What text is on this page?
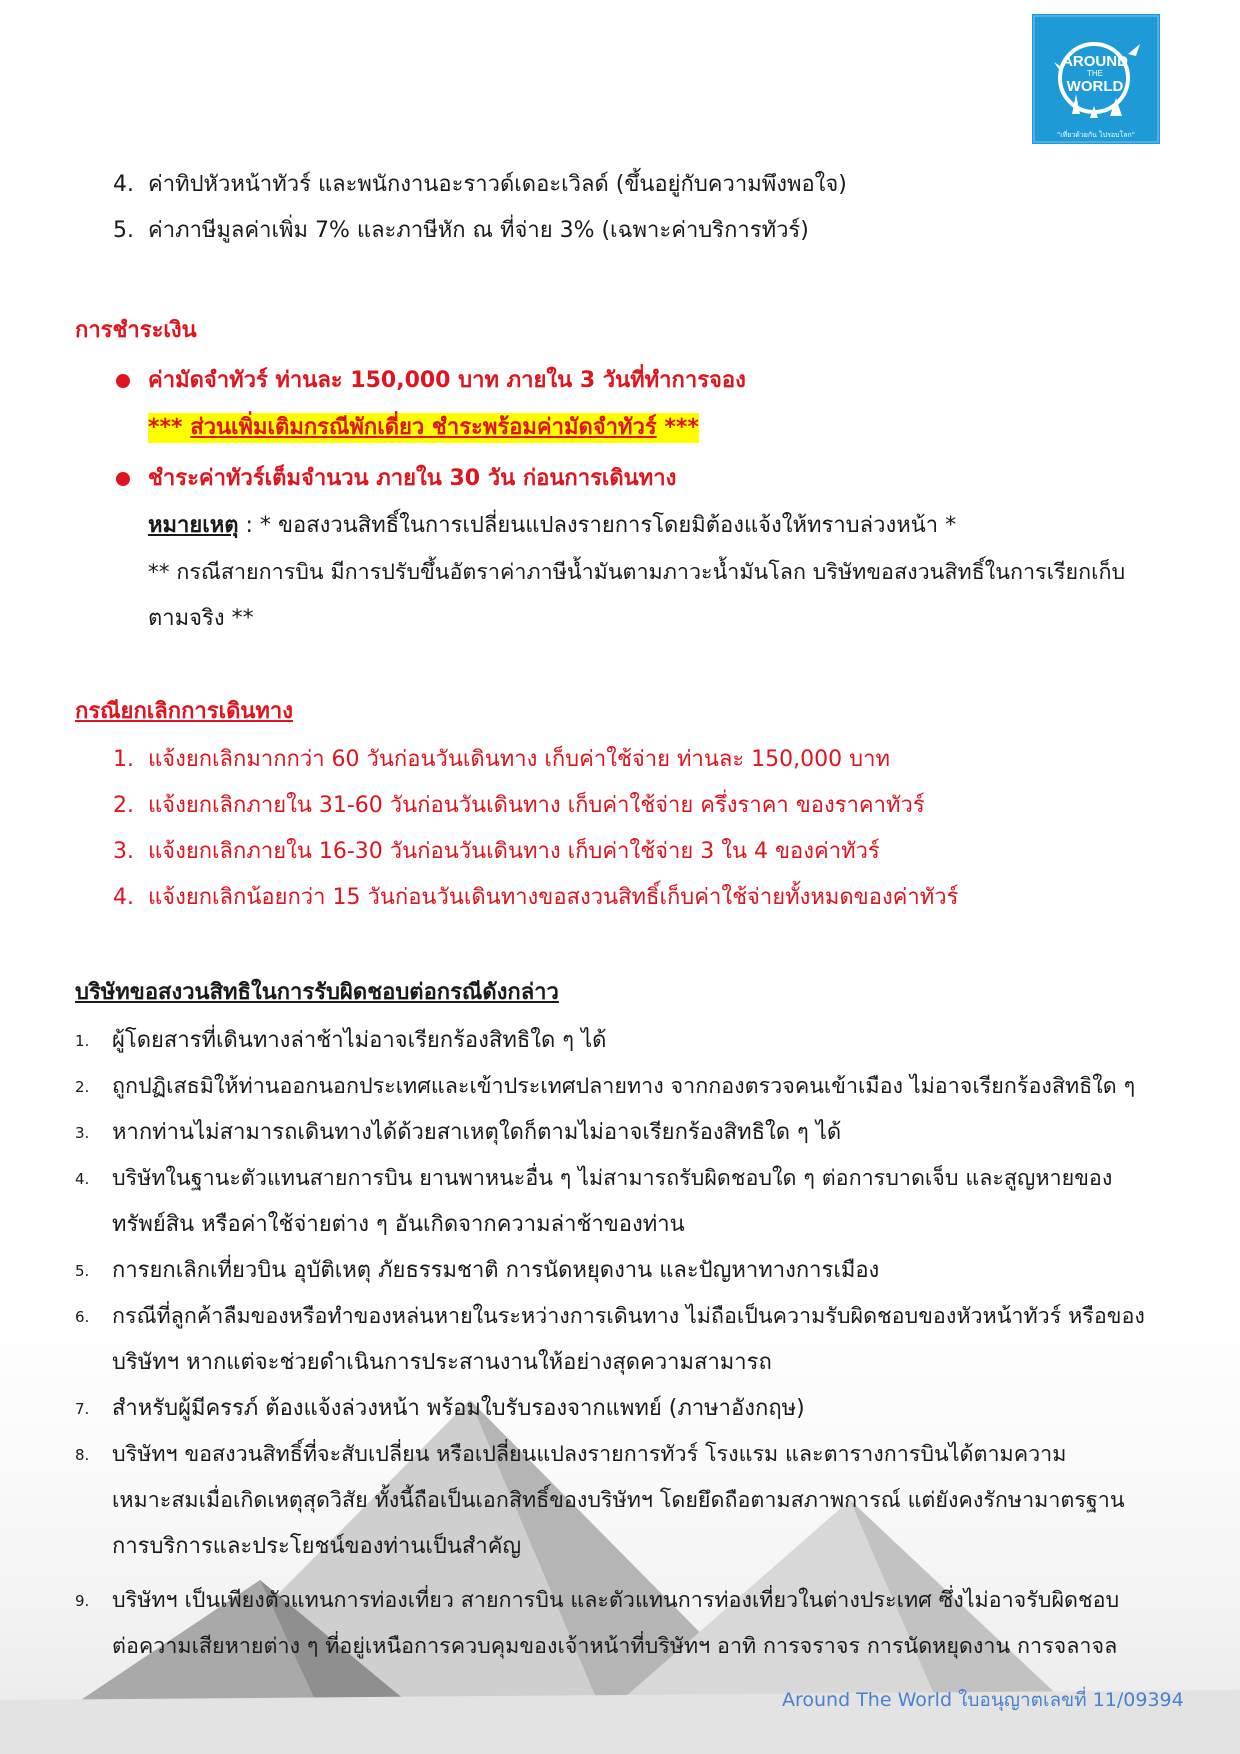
AROUND
THE
WORLD
"เที่ยวด้วยกัน ไปรอบโลก"
4. ค่าทิปหัวหน้าทัวร์ และพนักงานอะราวด์เดอะเวิลด์ (ขึ้นอยู่กับความพึงพอใจ)
5. ค่าภาษีมูลค่าเพิ่ม 7% และภาษีหัก ณ ที่จ่าย 3% (เฉพาะค่าบริการทัวร์)
การชำระเงิน
ค่ามัดจำทัวร์ ท่านละ 150,000 บาท ภายใน 3 วันที่ทำการจอง
*** ส่วนเพิ่มเติมกรณีพักเดี่ยว ชำระพร้อมค่ามัดจำทัวร์ ***
ชำระค่าทัวร์เต็มจำนวน ภายใน 30 วัน ก่อนการเดินทาง
หมายเหตุ : * ขอสงวนสิทธิ์ในการเปลี่ยนแปลงรายการโดยมิต้องแจ้งให้ทราบล่วงหน้า *
** กรณีสายการบิน มีการปรับขึ้นอัตราค่าภาษีน้ำมันตามภาวะน้ำมันโลก บริษัทขอสงวนสิทธิ์ในการเรียกเก็บ
ตามจริง **
กรณียกเลิกการเดินทาง
1. แจ้งยกเลิกมากกว่า 60 วันก่อนวันเดินทาง เก็บค่าใช้จ่าย ท่านละ 150,000 บาท
2. แจ้งยกเลิกภายใน 31-60 วันก่อนวันเดินทาง เก็บค่าใช้จ่าย ครึ่งราคา ของราคาทัวร์
3. แจ้งยกเลิกภายใน 16-30 วันก่อนวันเดินทาง เก็บค่าใช้จ่าย 3 ใน 4 ของค่าทัวร์
4. แจ้งยกเลิกน้อยกว่า 15 วันก่อนวันเดินทางขอสงวนสิทธิ์เก็บค่าใช้จ่ายทั้งหมดของค่าทัวร์
บริษัทขอสงวนสิทธิในการรับผิดชอบต่อกรณีดังกล่าว
1. ผู้โดยสารที่เดินทางล่าช้าไม่อาจเรียกร้องสิทธิใด ๆ ได้
2. ถูกปฏิเสธมิให้ท่านออกนอกประเทศและเข้าประเทศปลายทาง จากกองตรวจคนเข้าเมือง ไม่อาจเรียกร้องสิทธิใด ๆ
3. หากท่านไม่สามารถเดินทางได้ด้วยสาเหตุใดก็ตามไม่อาจเรียกร้องสิทธิใด ๆ ได้
4. บริษัทในฐานะตัวแทนสายการบิน ยานพาหนะอื่น ๆ ไม่สามารถรับผิดชอบใด ๆ ต่อการบาดเจ็บ และสูญหายของ
ทรัพย์สิน หรือค่าใช้จ่ายต่าง ๆ อันเกิดจากความล่าช้าของท่าน
5. การยกเลิกเที่ยวบิน อุบัติเหตุ ภัยธรรมชาติ การนัดหยุดงาน และปัญหาทางการเมือง
6. กรณีที่ลูกค้าลืมของหรือทำของหล่นหายในระหว่างการเดินทาง ไม่ถือเป็นความรับผิดชอบของหัวหน้าทัวร์ หรือของ
บริษัทฯ หากแต่จะช่วยดำเนินการประสานงานให้อย่างสุดความสามารถ
7. สำหรับผู้มีครรภ์ ต้องแจ้งล่วงหน้า พร้อมใบรับรองจากแพทย์ (ภาษาอังกฤษ)
8. บริษัทฯ ขอสงวนสิทธิ์ที่จะสับเปลี่ยน หรือเปลี่ยนแปลงรายการทัวร์ โรงแรม และตารางการบินได้ตามความ
เหมาะสมเมื่อเกิดเหตุสุดวิสัย ทั้งนี้ถือเป็นเอกสิทธิ์ของบริษัทฯ โดยยึดถือตามสภาพการณ์ แต่ยังคงรักษามาตรฐาน
การบริการและประโยชน์ของท่านเป็นสำคัญ
9. บริษัทฯ เป็นเพียงตัวแทนการท่องเที่ยว สายการบิน และตัวแทนการท่องเที่ยวในต่างประเทศ ซึ่งไม่อาจรับผิดชอบ
ต่อความเสียหายต่าง ๆ ที่อยู่เหนือการควบคุมของเจ้าหน้าที่บริษัทฯ อาทิ การจราจร การนัดหยุดงาน การจลาจล
Around The World ใบอนุญาตเลขที่ 11/09394
